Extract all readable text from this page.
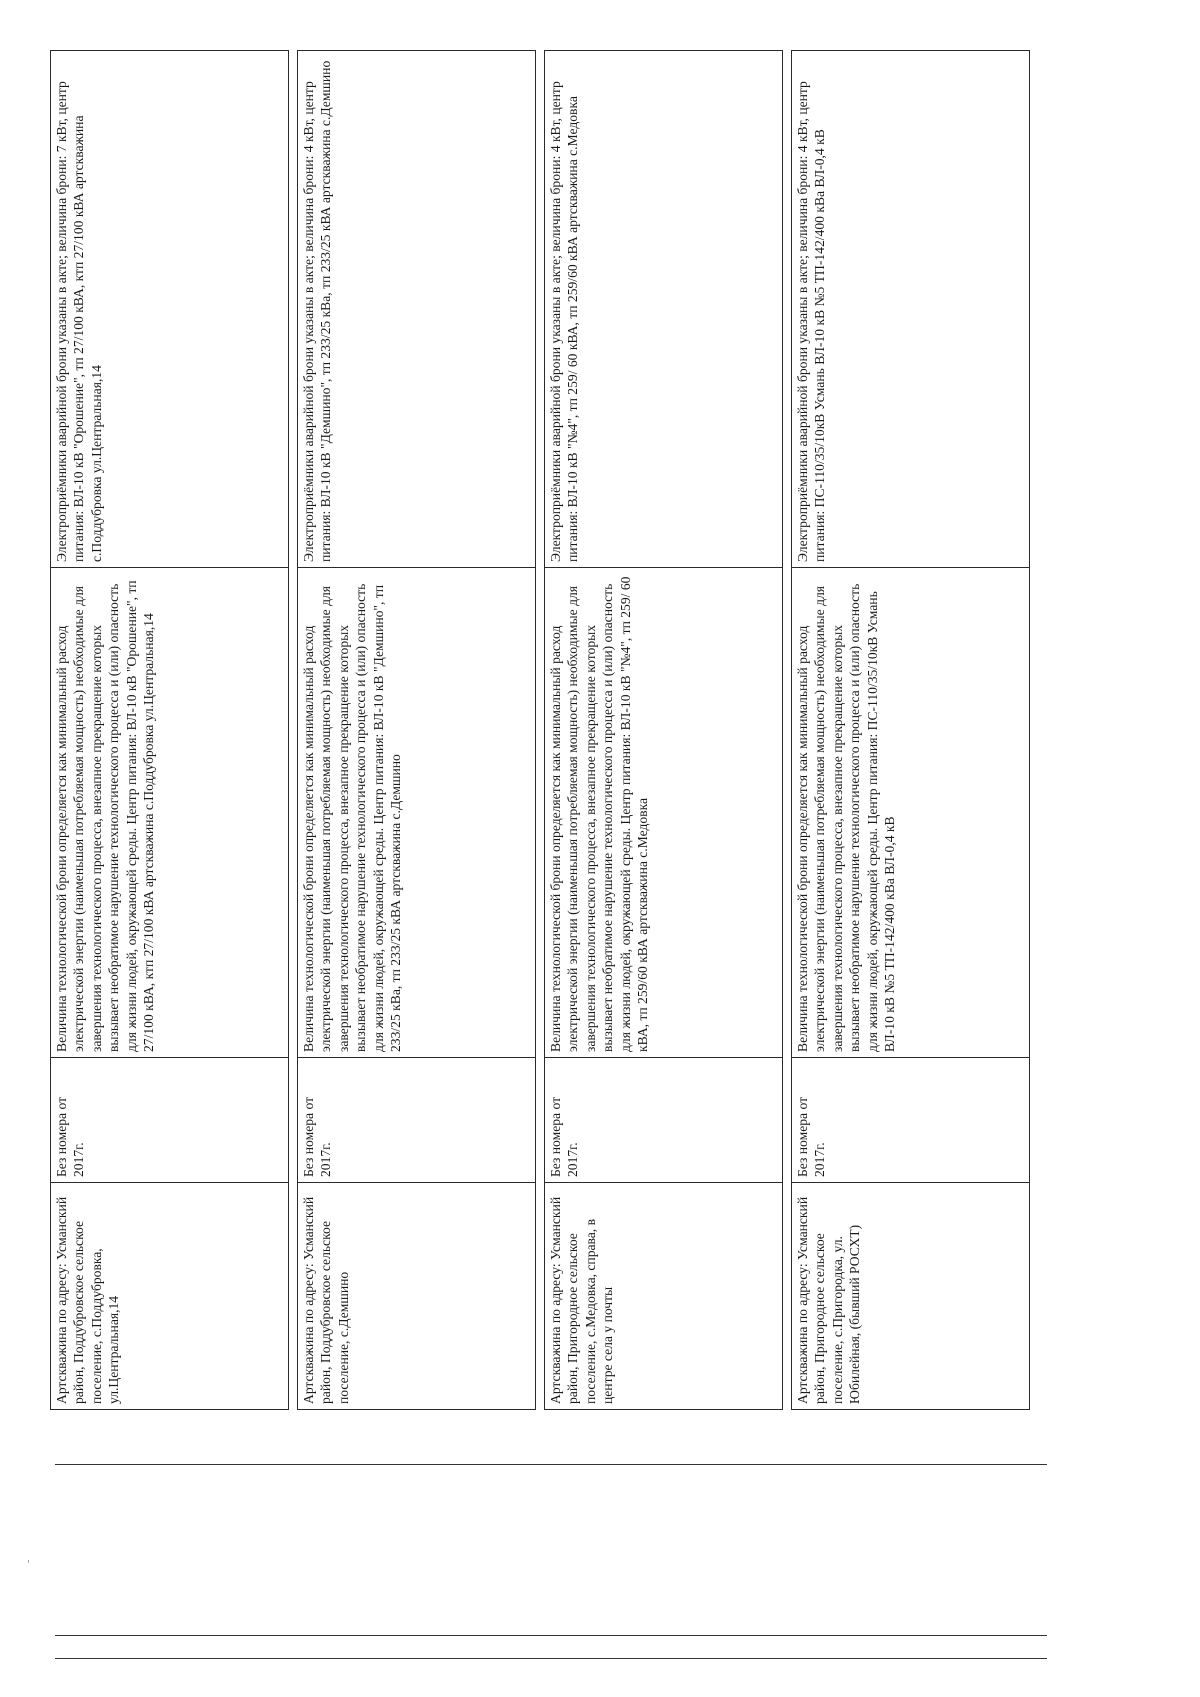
Артскважина по адресу: Усманский район, Поддубровское сельское поселение, с.Поддубровка, ул.Центральная,14
Без номера от 2017г.
Величина технологической брони определяется как минимальный расход электрической энергии (наименьшая потребляемая мощность) необходимые для завершения технологического процесса, внезапное прекращение которых вызывает необратимое нарушение технологического процесса и (или) опасность для жизни людей, окружающей среды. Центр питания: ВЛ-10 кВ "Орошение", тп 27/100 кВА, ктп 27/100 кВА артскважина с.Поддубровка ул.Центральная,14
Электроприёмники аварийной брони указаны в акте; величина брони: 7 кВт, центр питания: ВЛ-10 кВ "Орошение", тп 27/100 кВА, ктп 27/100 кВА артскважина с.Поддубровка ул.Центральная,14
Артскважина по адресу: Усманский район, Поддубровское сельское поселение, с.Демшино
Без номера от 2017г.
Величина технологической брони определяется как минимальный расход электрической энергии (наименьшая потребляемая мощность) необходимые для завершения технологического процесса, внезапное прекращение которых вызывает необратимое нарушение технологического процесса и (или) опасность для жизни людей, окружающей среды. Центр питания: ВЛ-10 кВ "Демшино", тп 233/25 кВа, тп 233/25 кВА артскважина с.Демшино
Электроприёмники аварийной брони указаны в акте; величина брони: 4 кВт, центр питания: ВЛ-10 кВ "Демшино", тп 233/25 кВа, тп 233/25 кВА артскважина с.Демшино
Артскважина по адресу: Усманский район, Пригородное сельское поселение, с.Медовка, справа, в центре села у почты
Без номера от 2017г.
Величина технологической брони определяется как минимальный расход электрической энергии (наименьшая потребляемая мощность) необходимые для завершения технологического процесса, внезапное прекращение которых вызывает необратимое нарушение технологического процесса и (или) опасность для жизни людей, окружающей среды. Центр питания: ВЛ-10 кВ "№4", тп 259/ 60 кВА, тп 259/60 кВА артскважина с.Медовка
Электроприёмники аварийной брони указаны в акте; величина брони: 4 кВт, центр питания: ВЛ-10 кВ "№4", тп 259/ 60 кВА, тп 259/60 кВА артскважина с.Медовка
Артскважина по адресу: Усманский район, Пригородное сельское поселение, с.Пригородка, ул. Юбилейная, (бывший РОСХТ)
Без номера от 2017г.
Величина технологической брони определяется как минимальный расход электрической энергии (наименьшая потребляемая мощность) необходимые для завершения технологического процесса, внезапное прекращение которых вызывает необратимое нарушение технологического процесса и (или) опасность для жизни людей, окружающей среды. Центр питания: ПС-110/35/10кВ Усмань ВЛ-10 кВ №5 ТП-142/400 кВа ВЛ-0,4 кВ
Электроприёмники аварийной брони указаны в акте; величина брони: 4 кВт, центр питания: ПС-110/35/10кВ Усмань ВЛ-10 кВ №5 ТП-142/400 кВа ВЛ-0,4 кВ
